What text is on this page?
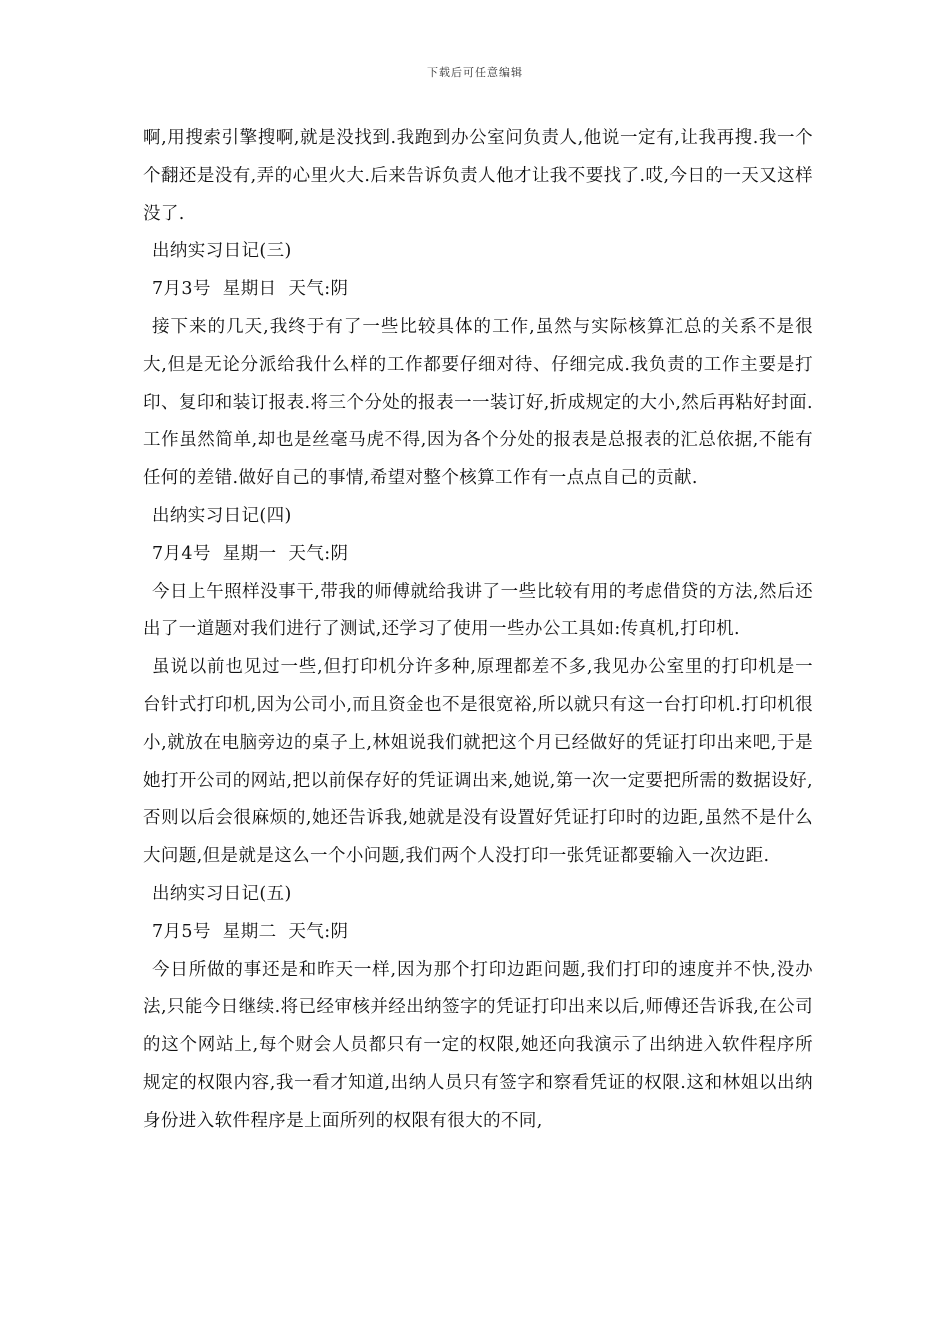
下载后可任意编辑

啊,用搜索引擎搜啊,就是没找到.我跑到办公室问负责人,他说一定有,让我再搜.我一个个翻还是没有,弄的心里火大.后来告诉负责人他才让我不要找了.哎,今日的一天又这样没了.

出纳实习日记(三)

7月3号  星期日  天气:阴

接下来的几天,我终于有了一些比较具体的工作,虽然与实际核算汇总的关系不是很大,但是无论分派给我什么样的工作都要仔细对待、仔细完成.我负责的工作主要是打印、复印和装订报表.将三个分处的报表一一装订好,折成规定的大小,然后再粘好封面.工作虽然简单,却也是丝毫马虎不得,因为各个分处的报表是总报表的汇总依据,不能有任何的差错.做好自己的事情,希望对整个核算工作有一点点自己的贡献.

出纳实习日记(四)

7月4号  星期一  天气:阴

今日上午照样没事干,带我的师傅就给我讲了一些比较有用的考虑借贷的方法,然后还出了一道题对我们进行了测试,还学习了使用一些办公工具如:传真机,打印机.

虽说以前也见过一些,但打印机分许多种,原理都差不多,我见办公室里的打印机是一台针式打印机,因为公司小,而且资金也不是很宽裕,所以就只有这一台打印机.打印机很小,就放在电脑旁边的桌子上,林姐说我们就把这个月已经做好的凭证打印出来吧,于是她打开公司的网站,把以前保存好的凭证调出来,她说,第一次一定要把所需的数据设好,否则以后会很麻烦的,她还告诉我,她就是没有设置好凭证打印时的边距,虽然不是什么大问题,但是就是这么一个小问题,我们两个人没打印一张凭证都要输入一次边距.

出纳实习日记(五)

7月5号  星期二  天气:阴

今日所做的事还是和昨天一样,因为那个打印边距问题,我们打印的速度并不快,没办法,只能今日继续.将已经审核并经出纳签字的凭证打印出来以后,师傅还告诉我,在公司的这个网站上,每个财会人员都只有一定的权限,她还向我演示了出纳进入软件程序所规定的权限内容,我一看才知道,出纳人员只有签字和察看凭证的权限.这和林姐以出纳身份进入软件程序是上面所列的权限有很大的不同,
